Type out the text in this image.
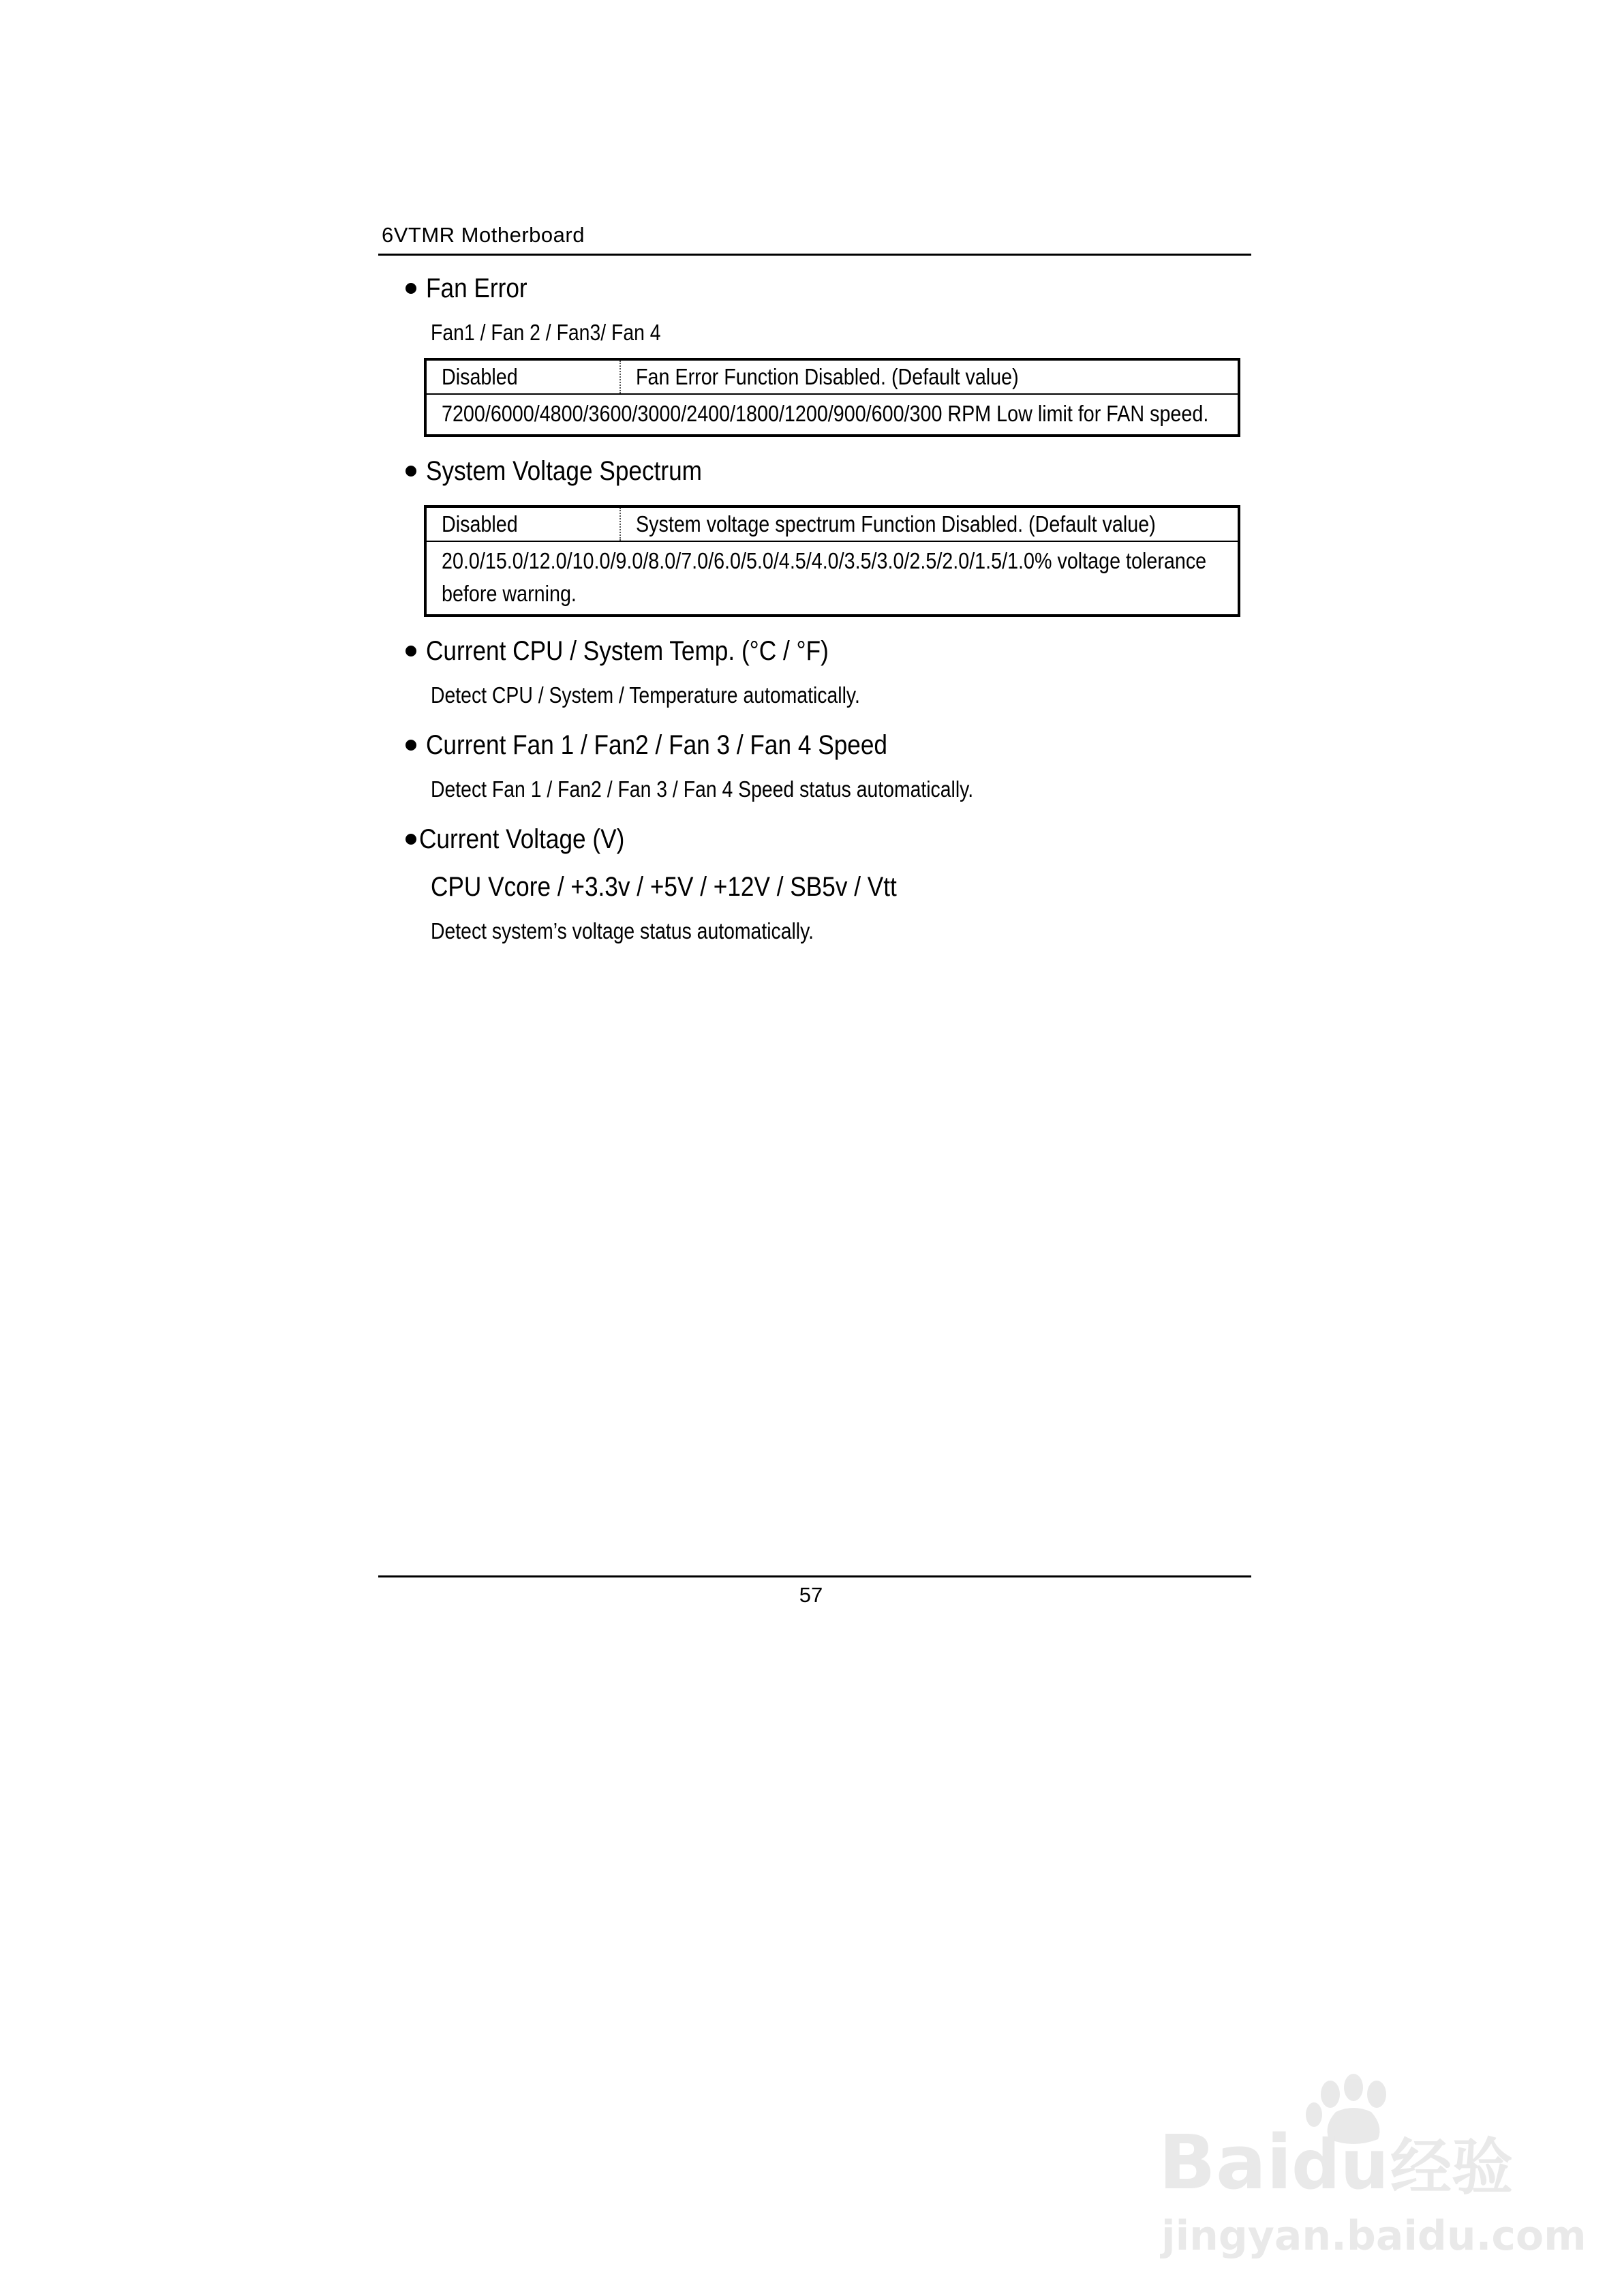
6VTMR Motherboard
Fan Error
Fan1 / Fan 2 / Fan3/ Fan 4
Disabled	Fan Error Function Disabled. (Default value)
7200/6000/4800/3600/3000/2400/1800/1200/900/600/300 RPM Low limit for FAN speed.
System Voltage Spectrum
Disabled	System voltage spectrum Function Disabled. (Default value)
20.0/15.0/12.0/10.0/9.0/8.0/7.0/6.0/5.0/4.5/4.0/3.5/3.0/2.5/2.0/1.5/1.0% voltage tolerance before warning.
Current CPU / System Temp. (°C / °F)
Detect CPU / System / Temperature automatically.
Current Fan 1 / Fan2 / Fan 3 / Fan 4 Speed
Detect Fan 1 / Fan2 / Fan 3 / Fan 4 Speed status automatically.
Current Voltage (V)
CPU Vcore / +3.3v / +5V / +12V / SB5v / Vtt
Detect system’s voltage status automatically.
57
Bai du 经验
jingyan.baidu.com
